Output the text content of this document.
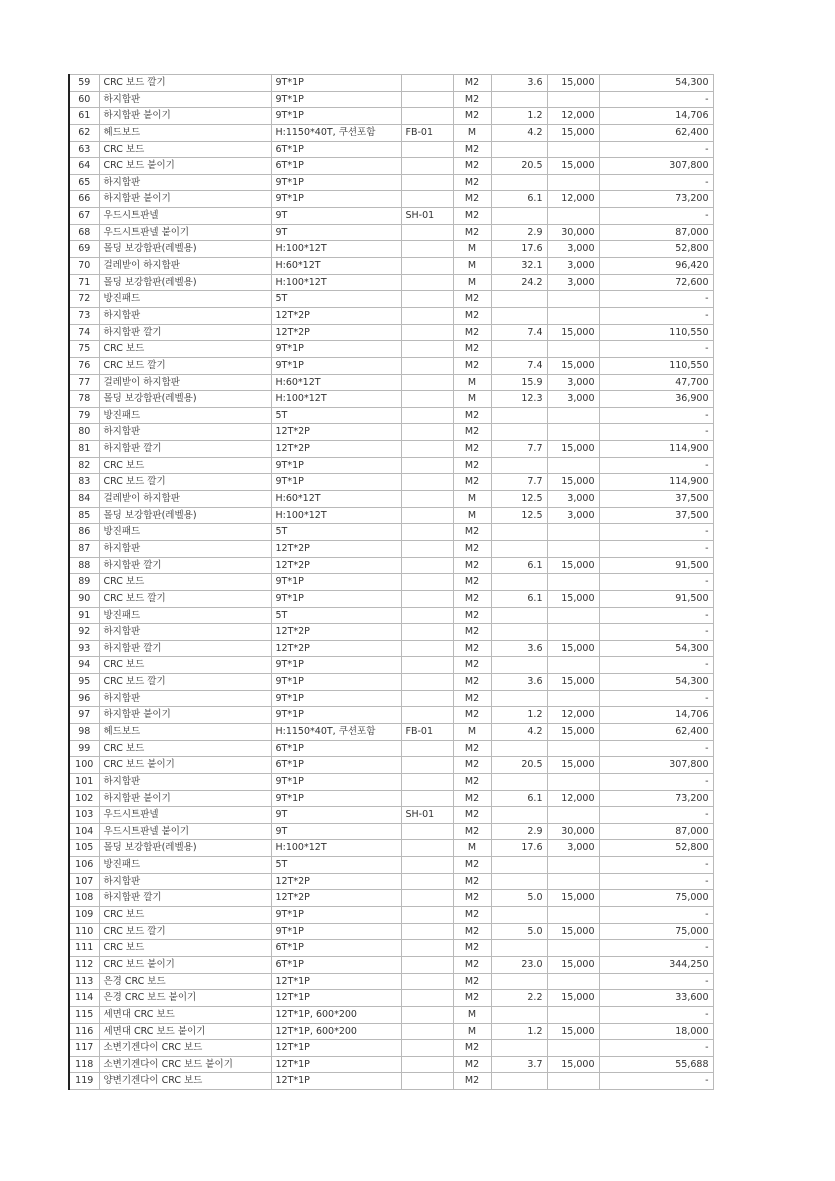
59	CRC 보드 깔기	9T*1P		M2	3.6	15,000	54,300
60	하지합판	9T*1P		M2			-
61	하지합판 붙이기	9T*1P		M2	1.2	12,000	14,706
62	헤드보드	H:1150*40T, 쿠션포함	FB-01	M	4.2	15,000	62,400
63	CRC 보드	6T*1P		M2			-
64	CRC 보드 붙이기	6T*1P		M2	20.5	15,000	307,800
65	하지합판	9T*1P		M2			-
66	하지합판 붙이기	9T*1P		M2	6.1	12,000	73,200
67	우드시트판넬	9T	SH-01	M2			-
68	우드시트판넬 붙이기	9T		M2	2.9	30,000	87,000
69	몰딩 보강합판(레벨용)	H:100*12T		M	17.6	3,000	52,800
70	걸레받이 하지합판	H:60*12T		M	32.1	3,000	96,420
71	몰딩 보강합판(레벨용)	H:100*12T		M	24.2	3,000	72,600
72	방진패드	5T		M2			-
73	하지합판	12T*2P		M2			-
74	하지합판 깔기	12T*2P		M2	7.4	15,000	110,550
75	CRC 보드	9T*1P		M2			-
76	CRC 보드 깔기	9T*1P		M2	7.4	15,000	110,550
77	걸레받이 하지합판	H:60*12T		M	15.9	3,000	47,700
78	몰딩 보강합판(레벨용)	H:100*12T		M	12.3	3,000	36,900
79	방진패드	5T		M2			-
80	하지합판	12T*2P		M2			-
81	하지합판 깔기	12T*2P		M2	7.7	15,000	114,900
82	CRC 보드	9T*1P		M2			-
83	CRC 보드 깔기	9T*1P		M2	7.7	15,000	114,900
84	걸레받이 하지합판	H:60*12T		M	12.5	3,000	37,500
85	몰딩 보강합판(레벨용)	H:100*12T		M	12.5	3,000	37,500
86	방진패드	5T		M2			-
87	하지합판	12T*2P		M2			-
88	하지합판 깔기	12T*2P		M2	6.1	15,000	91,500
89	CRC 보드	9T*1P		M2			-
90	CRC 보드 깔기	9T*1P		M2	6.1	15,000	91,500
91	방진패드	5T		M2			-
92	하지합판	12T*2P		M2			-
93	하지합판 깔기	12T*2P		M2	3.6	15,000	54,300
94	CRC 보드	9T*1P		M2			-
95	CRC 보드 깔기	9T*1P		M2	3.6	15,000	54,300
96	하지합판	9T*1P		M2			-
97	하지합판 붙이기	9T*1P		M2	1.2	12,000	14,706
98	헤드보드	H:1150*40T, 쿠션포함	FB-01	M	4.2	15,000	62,400
99	CRC 보드	6T*1P		M2			-
100	CRC 보드 붙이기	6T*1P		M2	20.5	15,000	307,800
101	하지합판	9T*1P		M2			-
102	하지합판 붙이기	9T*1P		M2	6.1	12,000	73,200
103	우드시트판넬	9T	SH-01	M2			-
104	우드시트판넬 붙이기	9T		M2	2.9	30,000	87,000
105	몰딩 보강합판(레벨용)	H:100*12T		M	17.6	3,000	52,800
106	방진패드	5T		M2			-
107	하지합판	12T*2P		M2			-
108	하지합판 깔기	12T*2P		M2	5.0	15,000	75,000
109	CRC 보드	9T*1P		M2			-
110	CRC 보드 깔기	9T*1P		M2	5.0	15,000	75,000
111	CRC 보드	6T*1P		M2			-
112	CRC 보드 붙이기	6T*1P		M2	23.0	15,000	344,250
113	은경 CRC 보드	12T*1P		M2			-
114	은경 CRC 보드 붙이기	12T*1P		M2	2.2	15,000	33,600
115	세면대 CRC 보드	12T*1P, 600*200		M			-
116	세면대 CRC 보드 붙이기	12T*1P, 600*200		M	1.2	15,000	18,000
117	소변기겐다이 CRC 보드	12T*1P		M2			-
118	소변기겐다이 CRC 보드 붙이기	12T*1P		M2	3.7	15,000	55,688
119	양변기겐다이 CRC 보드	12T*1P		M2			-
